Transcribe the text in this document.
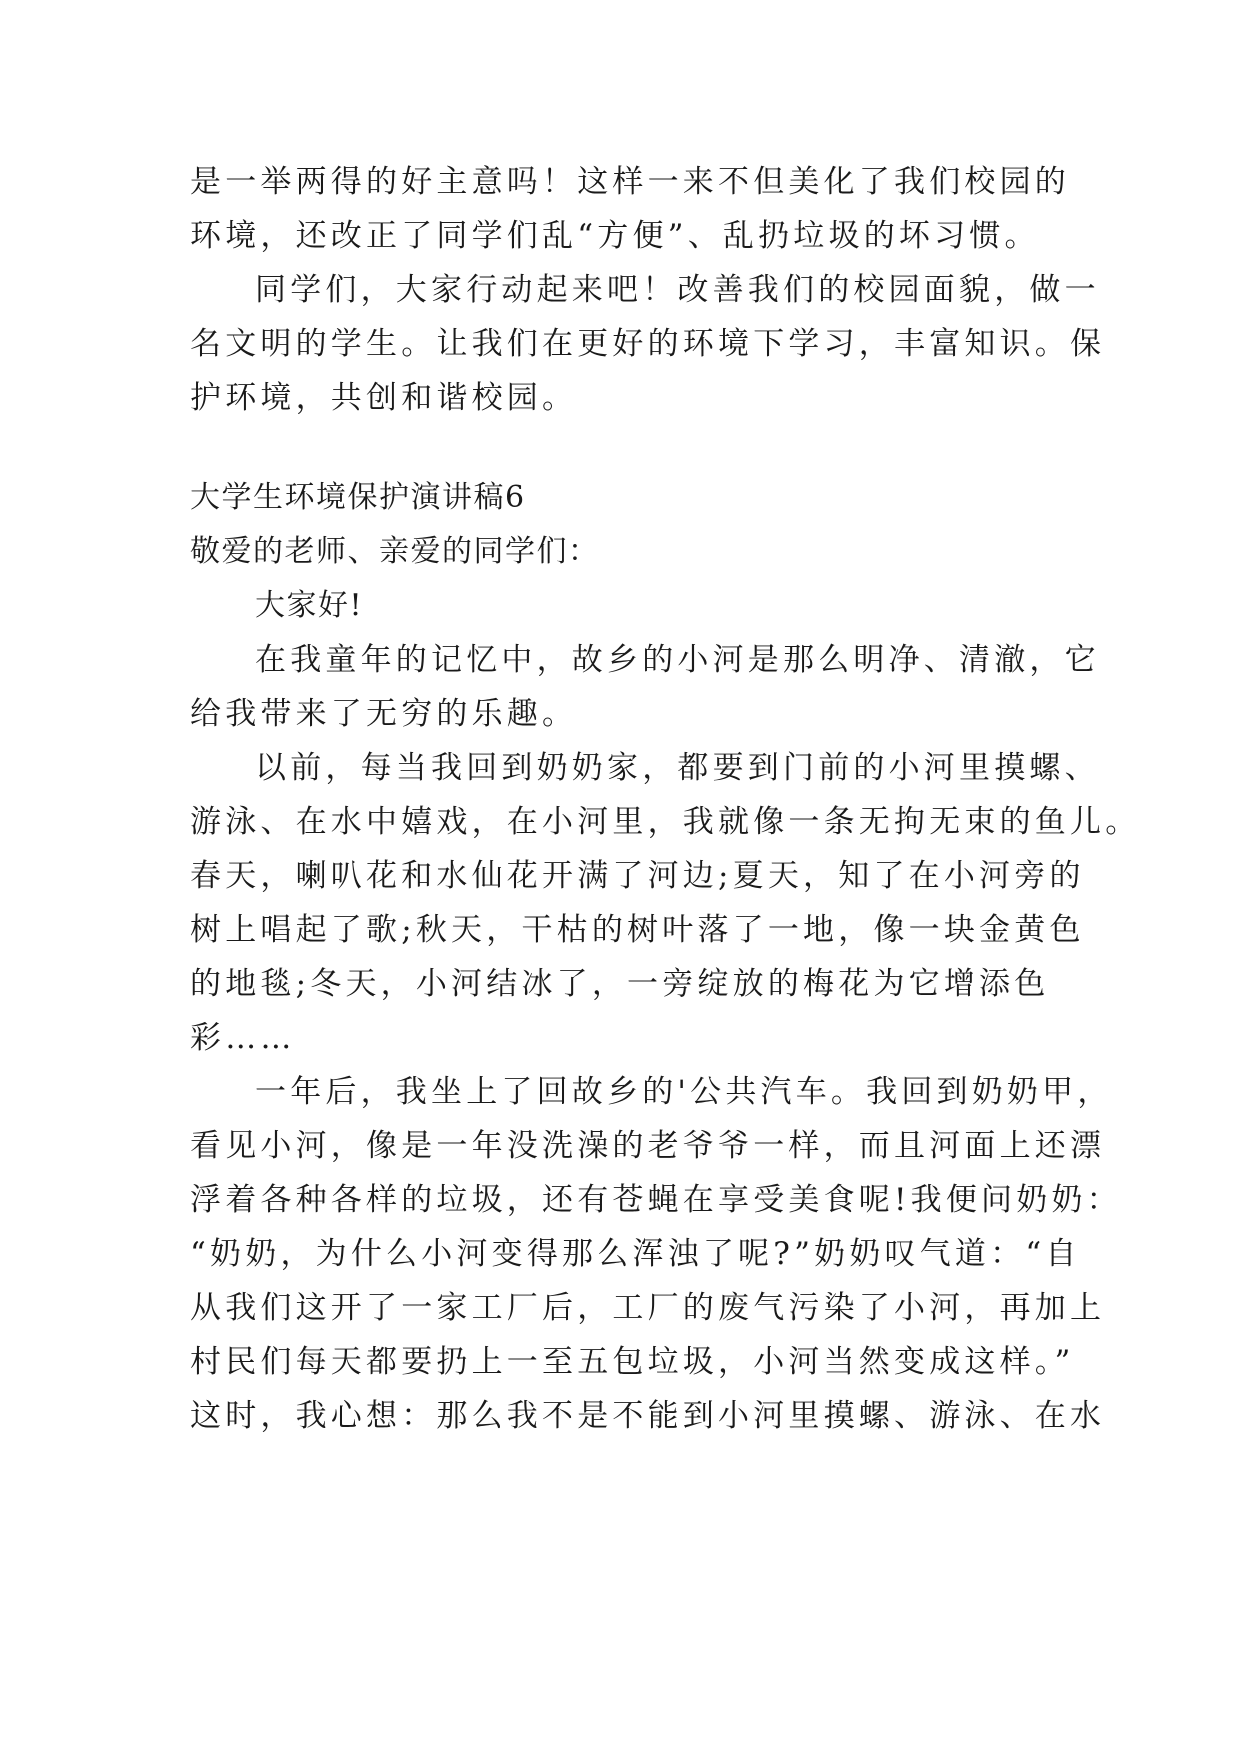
是一举两得的好主意吗！这样一来不但美化了我们校园的
环境，还改正了同学们乱“方便”、乱扔垃圾的坏习惯。
同学们，大家行动起来吧！改善我们的校园面貌，做一
名文明的学生。让我们在更好的环境下学习，丰富知识。保
护环境，共创和谐校园。
大学生环境保护演讲稿6
敬爱的老师、亲爱的同学们：
大家好!
在我童年的记忆中，故乡的小河是那么明净、清澈，它
给我带来了无穷的乐趣。
以前，每当我回到奶奶家，都要到门前的小河里摸螺、
游泳、在水中嬉戏，在小河里，我就像一条无拘无束的鱼儿。
春天，喇叭花和水仙花开满了河边;夏天，知了在小河旁的
树上唱起了歌;秋天，干枯的树叶落了一地，像一块金黄色
的地毯;冬天，小河结冰了，一旁绽放的梅花为它增添色
彩……
一年后，我坐上了回故乡的'公共汽车。我回到奶奶甲，
看见小河，像是一年没洗澡的老爷爷一样，而且河面上还漂
浮着各种各样的垃圾，还有苍蝇在享受美食呢!我便问奶奶：
“奶奶，为什么小河变得那么浑浊了呢?”奶奶叹气道：“自
从我们这开了一家工厂后，工厂的废气污染了小河，再加上
村民们每天都要扔上一至五包垃圾，小河当然变成这样。”
这时，我心想：那么我不是不能到小河里摸螺、游泳、在水
